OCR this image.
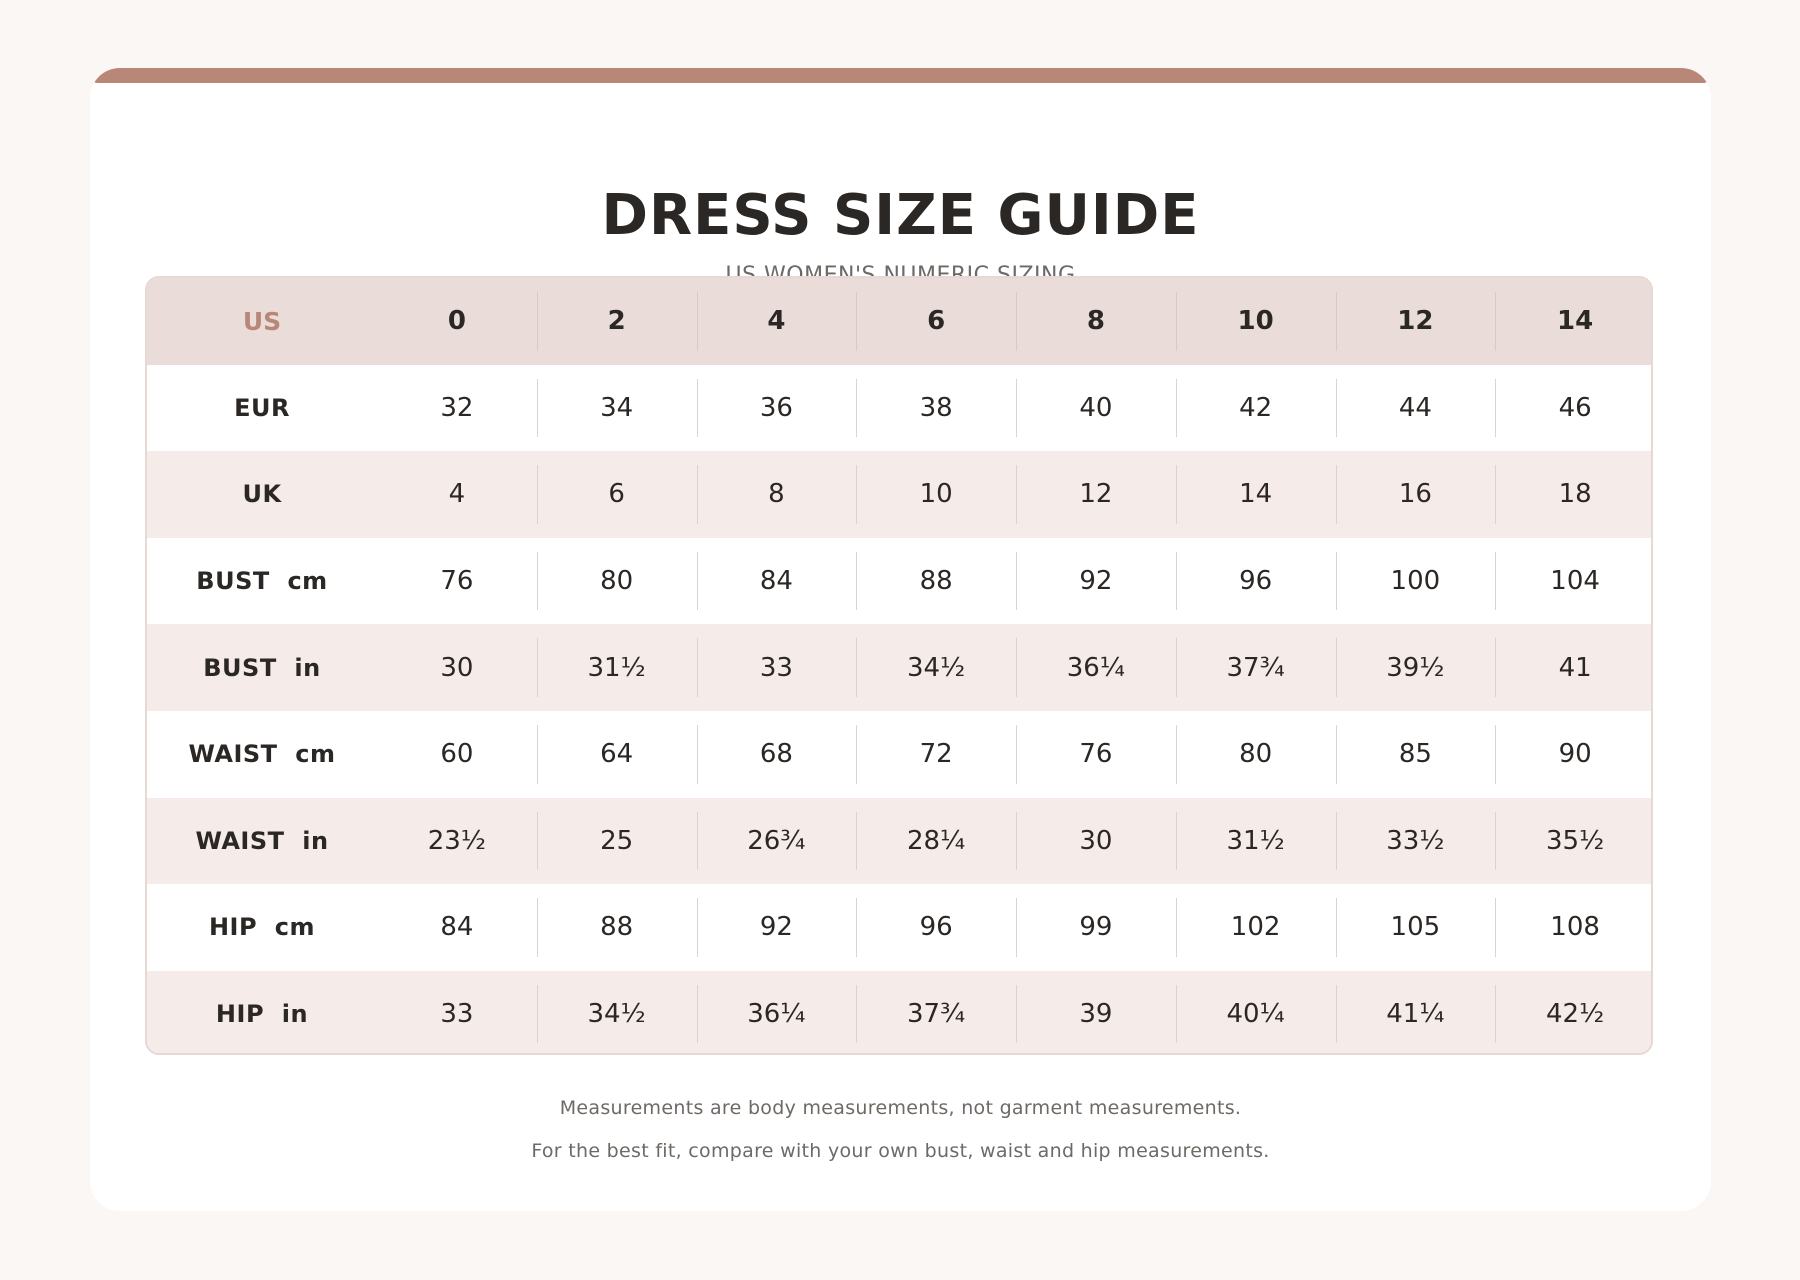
DRESS SIZE GUIDE
US WOMEN'S NUMERIC SIZING
US	0	2	4	6	8	10	12	14
EUR	32	34	36	38	40	42	44	46
UK	4	6	8	10	12	14	16	18
BUST  cm	76	80	84	88	92	96	100	104
BUST  in	30	31½	33	34½	36¼	37¾	39½	41
WAIST  cm	60	64	68	72	76	80	85	90
WAIST  in	23½	25	26¾	28¼	30	31½	33½	35½
HIP  cm	84	88	92	96	99	102	105	108
HIP  in	33	34½	36¼	37¾	39	40¼	41¼	42½
Measurements are body measurements, not garment measurements.
For the best fit, compare with your own bust, waist and hip measurements.
